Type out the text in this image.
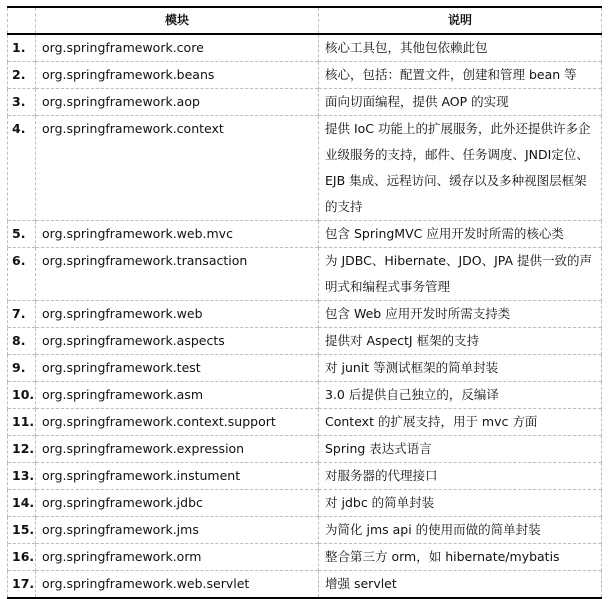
	模块	说明
1.	org.springframework.core	核心工具包，其他包依赖此包
2.	org.springframework.beans	核心，包括：配置文件，创建和管理 bean 等
3.	org.springframework.aop	面向切面编程，提供 AOP 的实现
4.	org.springframework.context	提供 IoC 功能上的扩展服务，此外还提供许多企业级服务的支持，邮件、任务调度、JNDI定位、EJB 集成、远程访问、缓存以及多种视图层框架的支持
5.	org.springframework.web.mvc	包含 SpringMVC 应用开发时所需的核心类
6.	org.springframework.transaction	为 JDBC、Hibernate、JDO、JPA 提供一致的声明式和编程式事务管理
7.	org.springframework.web	包含 Web 应用开发时所需支持类
8.	org.springframework.aspects	提供对 AspectJ 框架的支持
9.	org.springframework.test	对 junit 等测试框架的简单封装
10.	org.springframework.asm	3.0 后提供自己独立的，反编译
11.	org.springframework.context.support	Context 的扩展支持，用于 mvc 方面
12.	org.springframework.expression	Spring 表达式语言
13.	org.springframework.instument	对服务器的代理接口
14.	org.springframework.jdbc	对 jdbc 的简单封装
15.	org.springframework.jms	为简化 jms api 的使用而做的简单封装
16.	org.springframework.orm	整合第三方 orm，如 hibernate/mybatis
17.	org.springframework.web.servlet	增强 servlet
